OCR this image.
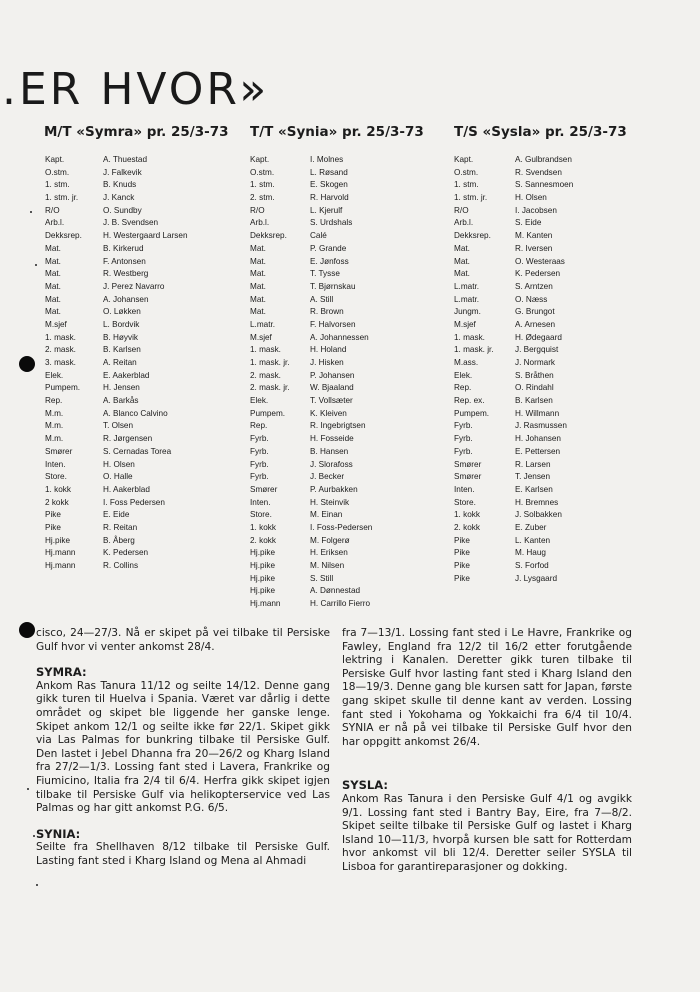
.ER HVOR»
M/T «Symra» pr. 25/3-73
Kapt.	A. Thuestad
O.stm.	J. Falkevik
1. stm.	B. Knuds
1. stm. jr.	J. Kanck
R/O	O. Sundby
Arb.l.	J. B. Svendsen
Dekksrep.	H. Westergaard Larsen
Mat.	B. Kirkerud
Mat.	F. Antonsen
Mat.	R. Westberg
Mat.	J. Perez Navarro
Mat.	A. Johansen
Mat.	O. Løkken
M.sjef	L. Bordvik
1. mask.	B. Høyvik
2. mask.	B. Karlsen
3. mask.	A. Reitan
Elek.	E. Aakerblad
Pumpem.	H. Jensen
Rep.	A. Barkås
M.m.	A. Blanco Calvino
M.m.	T. Olsen
M.m.	R. Jørgensen
Smører	S. Cernadas Torea
Inten.	H. Olsen
Store.	O. Halle
1. kokk	H. Aakerblad
2 kokk	I. Foss Pedersen
Pike	E. Eide
Pike	R. Reitan
Hj.pike	B. Åberg
Hj.mann	K. Pedersen
Hj.mann	R. Collins
T/T «Synia» pr. 25/3-73
Kapt.	I. Molnes
O.stm.	L. Røsand
1. stm.	E. Skogen
2. stm.	R. Harvold
R/O	L. Kjerulf
Arb.l.	S. Urdshals
Dekksrep.	Calé
Mat.	P. Grande
Mat.	E. Jønfoss
Mat.	T. Tysse
Mat.	T. Bjørnskau
Mat.	A. Still
Mat.	R. Brown
L.matr.	F. Halvorsen
M.sjef	A. Johannessen
1. mask.	H. Holand
1. mask. jr. J. Hisken
2. mask.	P. Johansen
2. mask. jr. W. Bjaaland
Elek.	T. Vollsæter
Pumpem.	K. Kleiven
Rep.	R. Ingebrigtsen
Fyrb.	H. Fosseide
Fyrb.	B. Hansen
Fyrb.	J. Slorafoss
Fyrb.	J. Becker
Smører	P. Aurbakken
Inten.	H. Steinvik
Store.	M. Einan
1. kokk	I. Foss-Pedersen
2. kokk	M. Folgerø
Hj.pike	H. Eriksen
Hj.pike	M. Nilsen
Hj.pike	S. Still
Hj.pike	A. Dønnestad
Hj.mann	H. Carrillo Fierro
T/S «Sysla» pr. 25/3-73
Kapt.	A. Gulbrandsen
O.stm.	R. Svendsen
1. stm.	S. Sannesmoen
1. stm. jr.	H. Olsen
R/O	I. Jacobsen
Arb.l.	S. Eide
Dekksrep.	M. Kanten
Mat.	R. Iversen
Mat.	O. Westeraas
Mat.	K. Pedersen
L.matr.	S. Arntzen
L.matr.	O. Næss
Jungm.	G. Brungot
M.sjef	A. Arnesen
1. mask.	H. Ødegaard
1. mask. jr.	J. Bergquist
M.ass.	J. Normark
Elek.	S. Bråthen
Rep.	O. Rindahl
Rep. ex.	B. Karlsen
Pumpem.	H. Willmann
Fyrb.	J. Rasmussen
Fyrb.	H. Johansen
Fyrb.	E. Pettersen
Smører	R. Larsen
Smører	T. Jensen
Inten.	E. Karlsen
Store.	H. Bremnes
1. kokk	J. Solbakken
2. kokk	E. Zuber
Pike	L. Kanten
Pike	M. Haug
Pike	S. Forfod
Pike	J. Lysgaard

cisco, 24—27/3. Nå er skipet på vei tilbake til Persiske Gulf hvor vi venter ankomst 28/4.

SYMRA:

Ankom Ras Tanura 11/12 og seilte 14/12. Denne gang gikk turen til Huelva i Spania. Været var dårlig i dette området og skipet ble liggende her ganske lenge. Skipet ankom 12/1 og seilte ikke før 22/1. Skipet gikk via Las Palmas for bunkring tilbake til Persiske Gulf. Den lastet i Jebel Dhanna fra 20—26/2 og Kharg Island fra 27/2—1/3. Lossing fant sted i Lavera, Frankrike og Fiumicino, Italia fra 2/4 til 6/4. Herfra gikk skipet igjen tilbake til Persiske Gulf via helikopterservice ved Las Palmas og har gitt ankomst P.G. 6/5.

SYNIA:

Seilte fra Shellhaven 8/12 tilbake til Persiske Gulf. Lasting fant sted i Kharg Island og Mena al Ahmadi

fra 7—13/1. Lossing fant sted i Le Havre, Frankrike og Fawley, England fra 12/2 til 16/2 etter forutgående lektring i Kanalen. Deretter gikk turen tilbake til Persiske Gulf hvor lasting fant sted i Kharg Island den 18—19/3. Denne gang ble kursen satt for Japan, første gang skipet skulle til denne kant av verden. Lossing fant sted i Yokohama og Yokkaichi fra 6/4 til 10/4. SYNIA er nå på vei tilbake til Persiske Gulf hvor den har oppgitt ankomst 26/4.

SYSLA:

Ankom Ras Tanura i den Persiske Gulf 4/1 og avgikk 9/1. Lossing fant sted i Bantry Bay, Eire, fra 7—8/2. Skipet seilte tilbake til Persiske Gulf og lastet i Kharg Island 10—11/3, hvorpå kursen ble satt for Rotterdam hvor ankomst vil bli 12/4. Deretter seiler SYSLA til Lisboa for garantireparasjoner og dokking.
